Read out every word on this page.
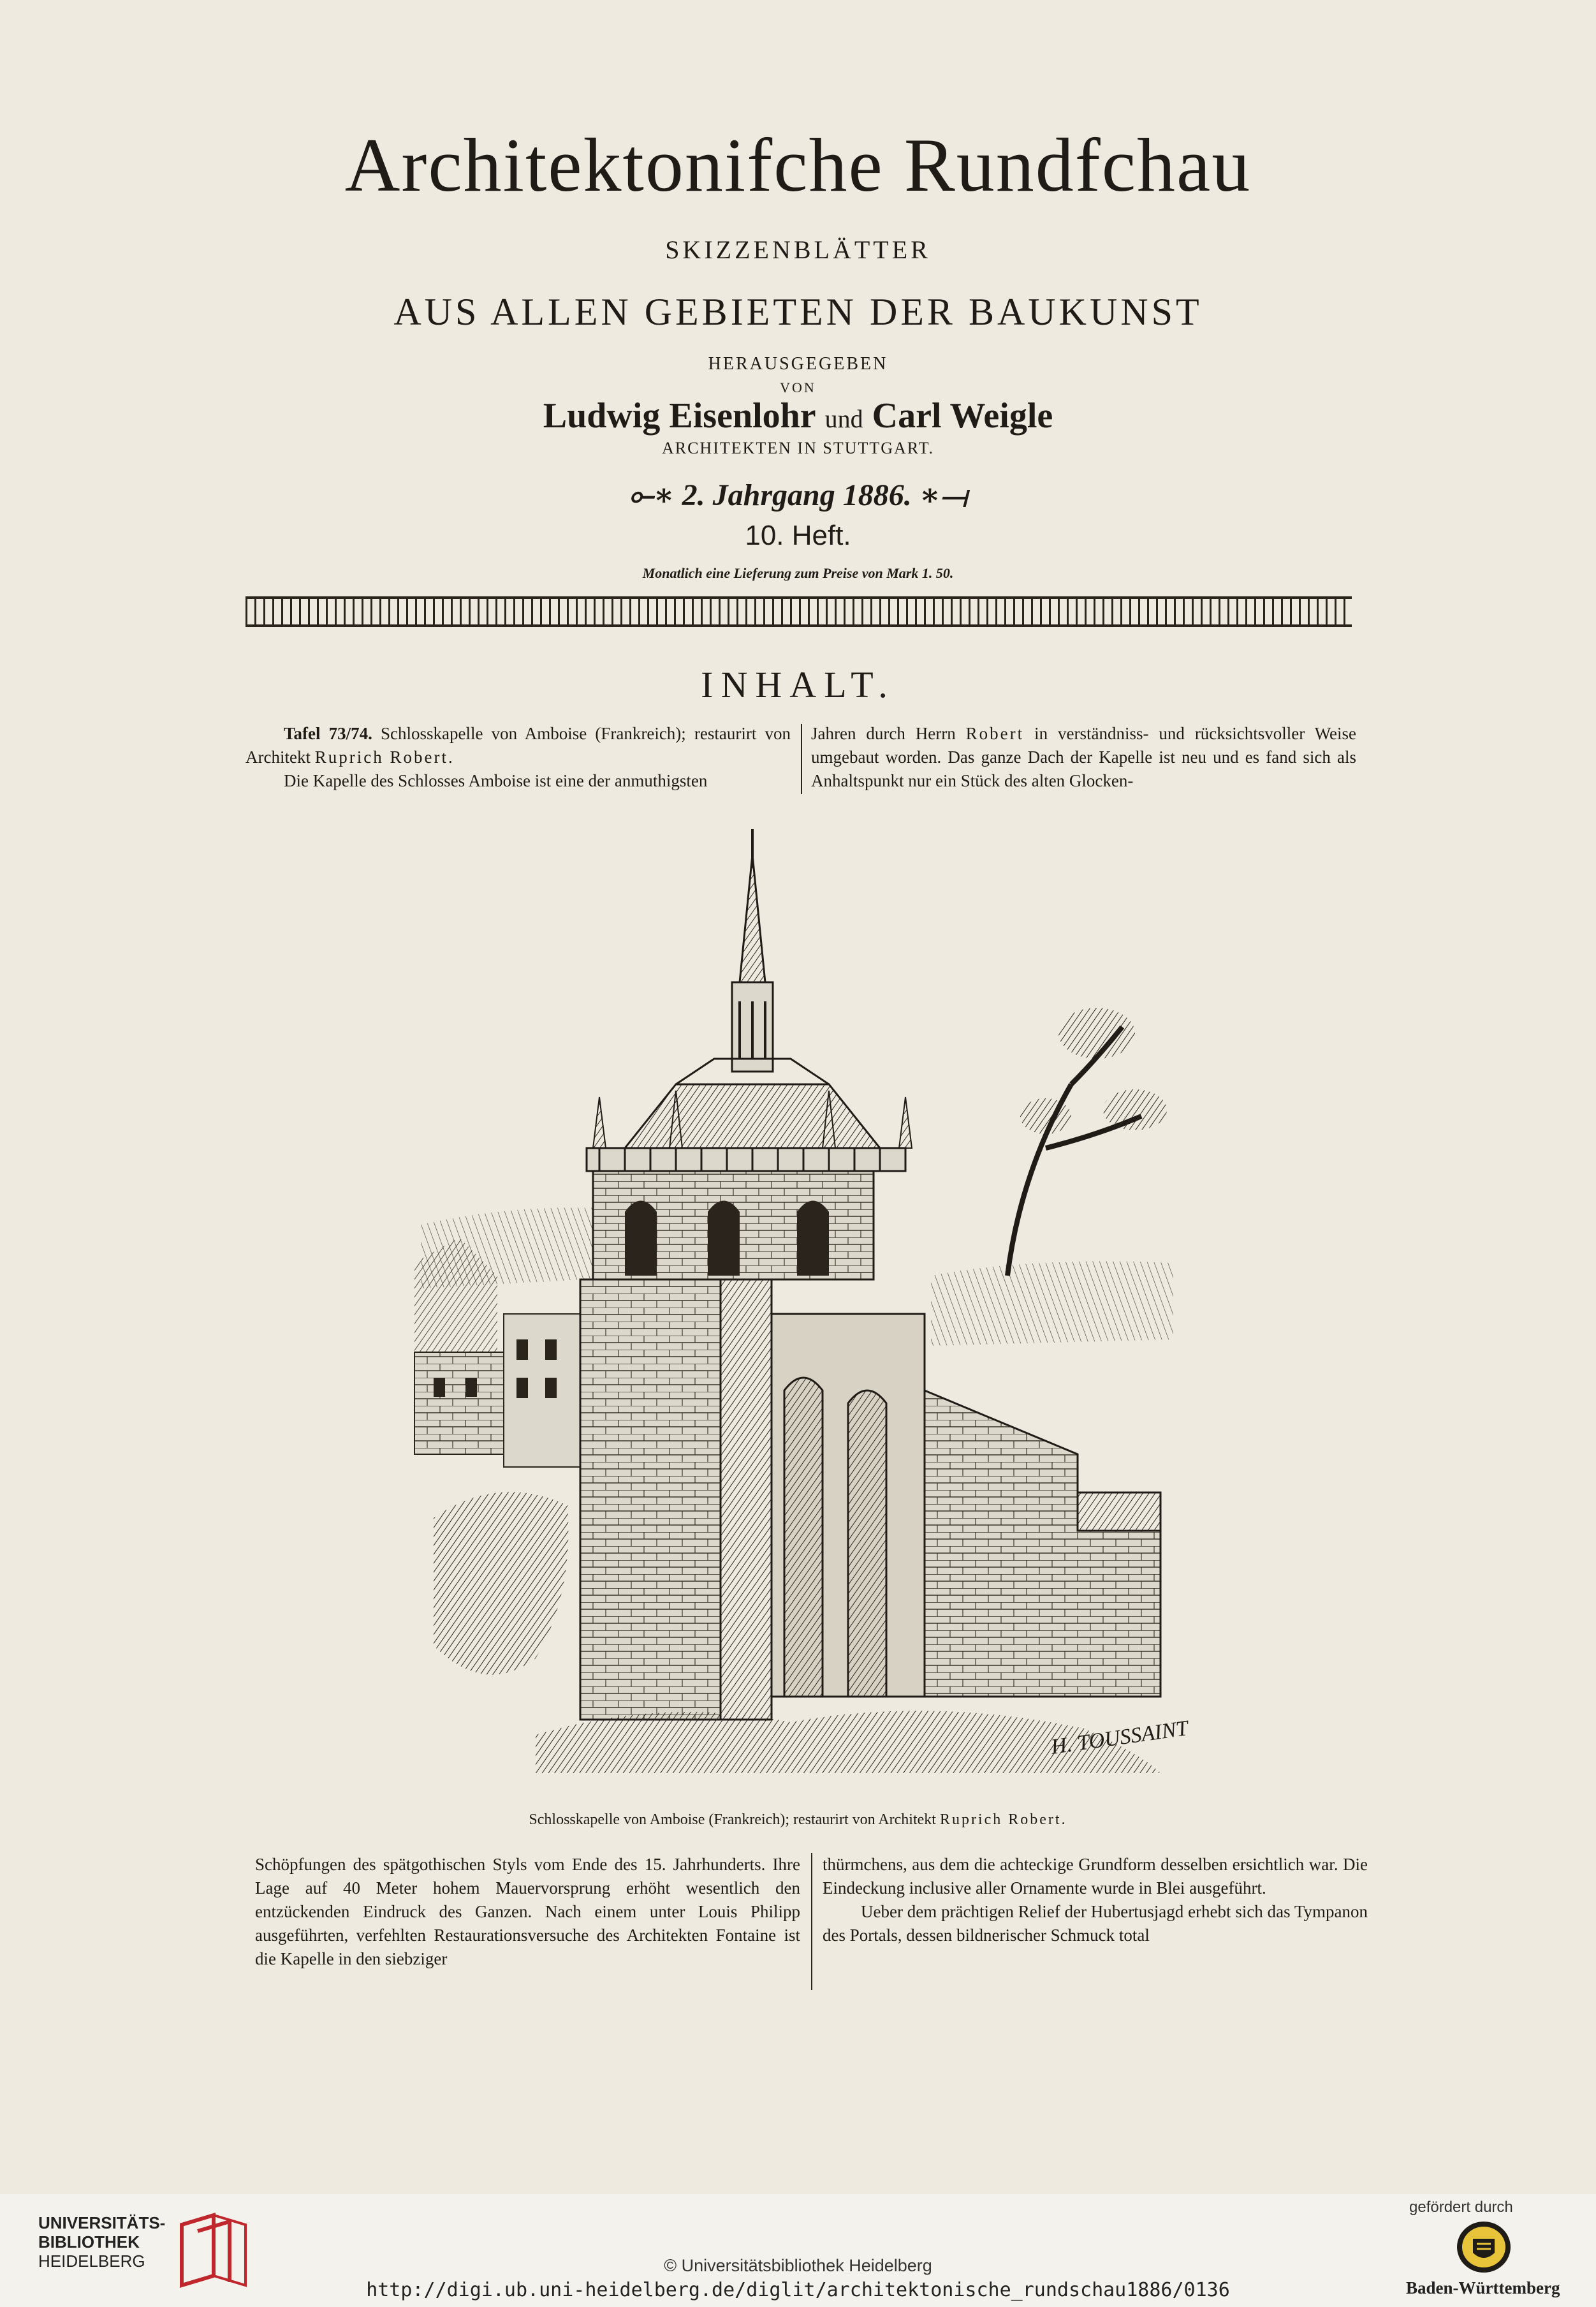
Architektonifche Rundfchau
SKIZZENBLÄTTER
AUS ALLEN GEBIETEN DER BAUKUNST
HERAUSGEGEBEN
VON
Ludwig Eisenlohr und Carl Weigle
ARCHITEKTEN IN STUTTGART.
⟜∗ 2. Jahrgang 1886. ∗⟞
10. Heft.
Monatlich eine Lieferung zum Preise von Mark 1. 50.
INHALT.

Tafel 73/74. Schlosskapelle von Amboise (Frankreich); restaurirt von Architekt Ruprich Robert.

Die Kapelle des Schlosses Amboise ist eine der anmuthigsten

Jahren durch Herrn Robert in verständniss- und rücksichtsvoller Weise umgebaut worden. Das ganze Dach der Kapelle ist neu und es fand sich als Anhaltspunkt nur ein Stück des alten Glocken-

H. TOUSSAINT
Schlosskapelle von Amboise (Frankreich); restaurirt von Architekt Ruprich Robert.

Schöpfungen des spätgothischen Styls vom Ende des 15. Jahrhunderts. Ihre Lage auf 40 Meter hohem Mauervorsprung erhöht wesentlich den entzückenden Eindruck des Ganzen. Nach einem unter Louis Philipp ausgeführten, verfehlten Restaurationsversuche des Architekten Fontaine ist die Kapelle in den siebziger

thürmchens, aus dem die achteckige Grundform desselben ersichtlich war. Die Eindeckung inclusive aller Ornamente wurde in Blei ausgeführt.

Ueber dem prächtigen Relief der Hubertusjagd erhebt sich das Tympanon des Portals, dessen bildnerischer Schmuck total

UNIVERSITÄTS-
BIBLIOTHEK
HEIDELBERG	© Universitätsbibliothek Heidelberg
http://digi.ub.uni-heidelberg.de/diglit/architektonische_rundschau1886/0136
gefördert durch
Baden-Württemberg
